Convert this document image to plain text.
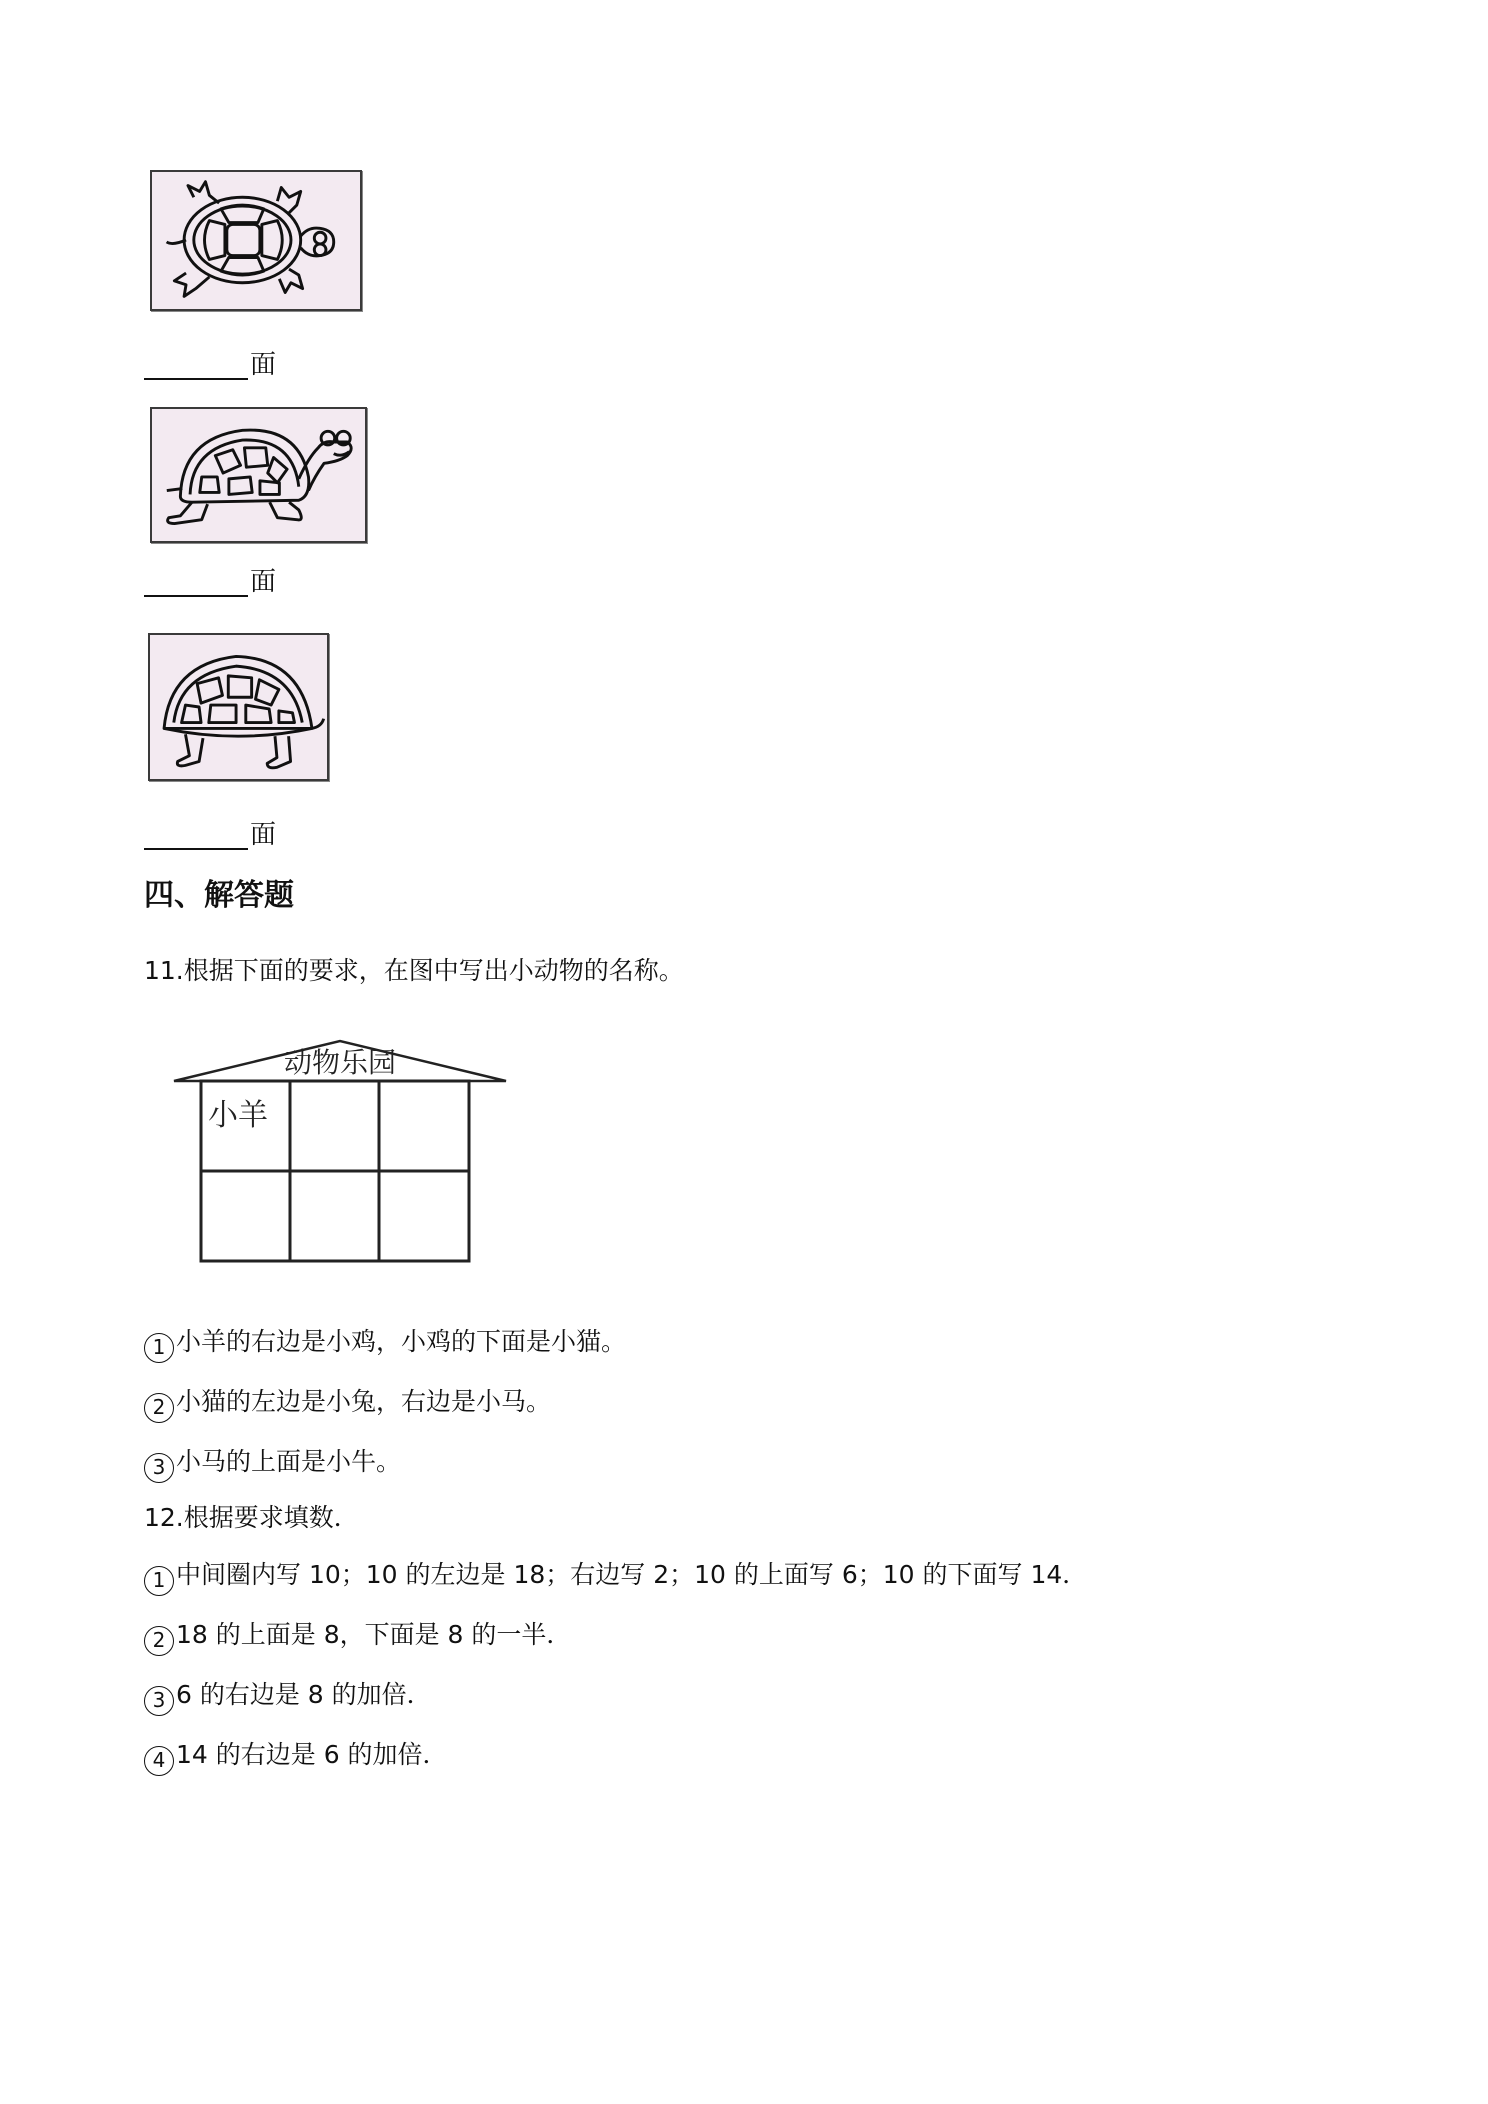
面
面
面
四、解答题
11.根据下面的要求，在图中写出小动物的名称。
动物乐园
小羊
1 小羊的右边是小鸡，小鸡的下面是小猫。
2 小猫的左边是小兔，右边是小马。
3 小马的上面是小牛。
12.根据要求填数．
1 中间圈内写 10；10 的左边是 18；右边写 2；10 的上面写 6；10 的下面写 14．
2 18 的上面是 8，下面是 8 的一半．
3 6 的右边是 8 的加倍．
4 14 的右边是 6 的加倍．
